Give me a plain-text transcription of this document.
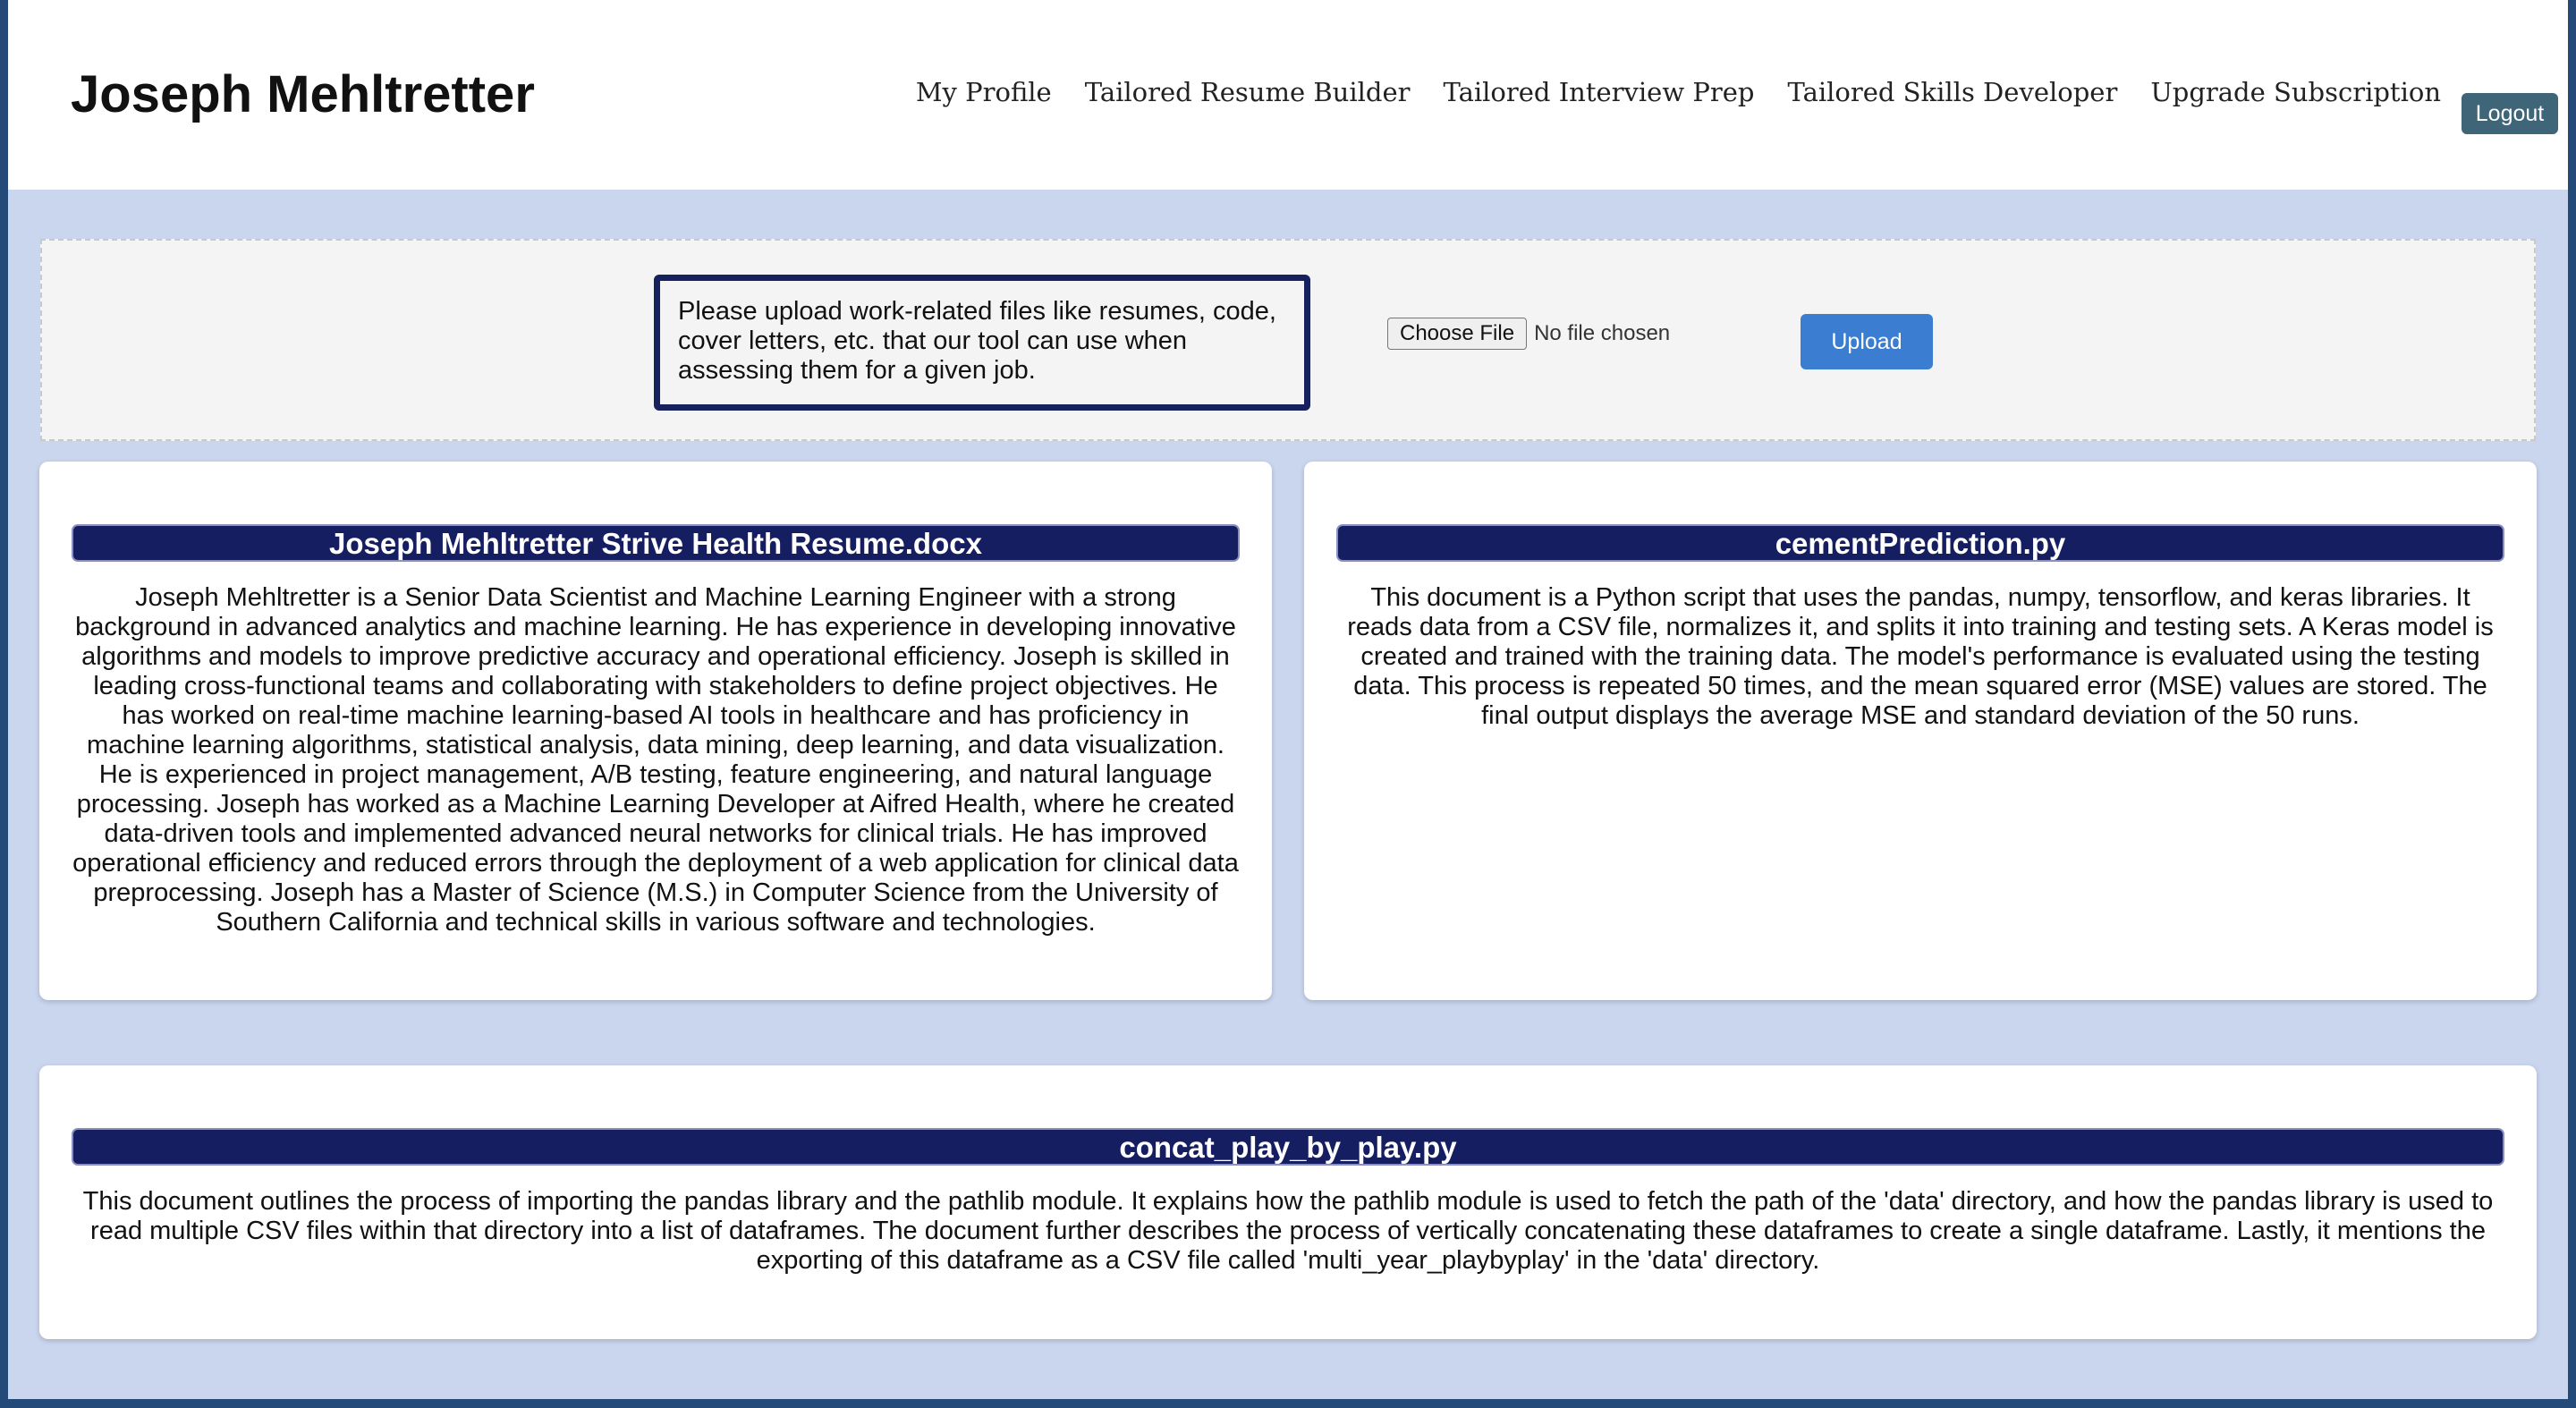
Joseph Mehltretter	My Profile Tailored Resume Builder Tailored Interview Prep Tailored Skills Developer Upgrade Subscription
Logout
Please upload work-related files like resumes, code, cover letters, etc. that our tool can use when assessing them for a given job.
Choose File No file chosen	Upload
Joseph Mehltretter Strive Health Resume.docx

Joseph Mehltretter is a Senior Data Scientist and Machine Learning Engineer with a strong background in advanced analytics and machine learning. He has experience in developing innovative algorithms and models to improve predictive accuracy and operational efficiency. Joseph is skilled in leading cross-functional teams and collaborating with stakeholders to define project objectives. He has worked on real-time machine learning-based AI tools in healthcare and has proficiency in machine learning algorithms, statistical analysis, data mining, deep learning, and data visualization. He is experienced in project management, A/B testing, feature engineering, and natural language processing. Joseph has worked as a Machine Learning Developer at Aifred Health, where he created data-driven tools and implemented advanced neural networks for clinical trials. He has improved operational efficiency and reduced errors through the deployment of a web application for clinical data preprocessing. Joseph has a Master of Science (M.S.) in Computer Science from the University of Southern California and technical skills in various software and technologies.

cementPrediction.py

This document is a Python script that uses the pandas, numpy, tensorflow, and keras libraries. It reads data from a CSV file, normalizes it, and splits it into training and testing sets. A Keras model is created and trained with the training data. The model's performance is evaluated using the testing data. This process is repeated 50 times, and the mean squared error (MSE) values are stored. The final output displays the average MSE and standard deviation of the 50 runs.

concat_play_by_play.py

This document outlines the process of importing the pandas library and the pathlib module. It explains how the pathlib module is used to fetch the path of the 'data' directory, and how the pandas library is used to read multiple CSV files within that directory into a list of dataframes. The document further describes the process of vertically concatenating these dataframes to create a single dataframe. Lastly, it mentions the exporting of this dataframe as a CSV file called 'multi_year_playbyplay' in the 'data' directory.
